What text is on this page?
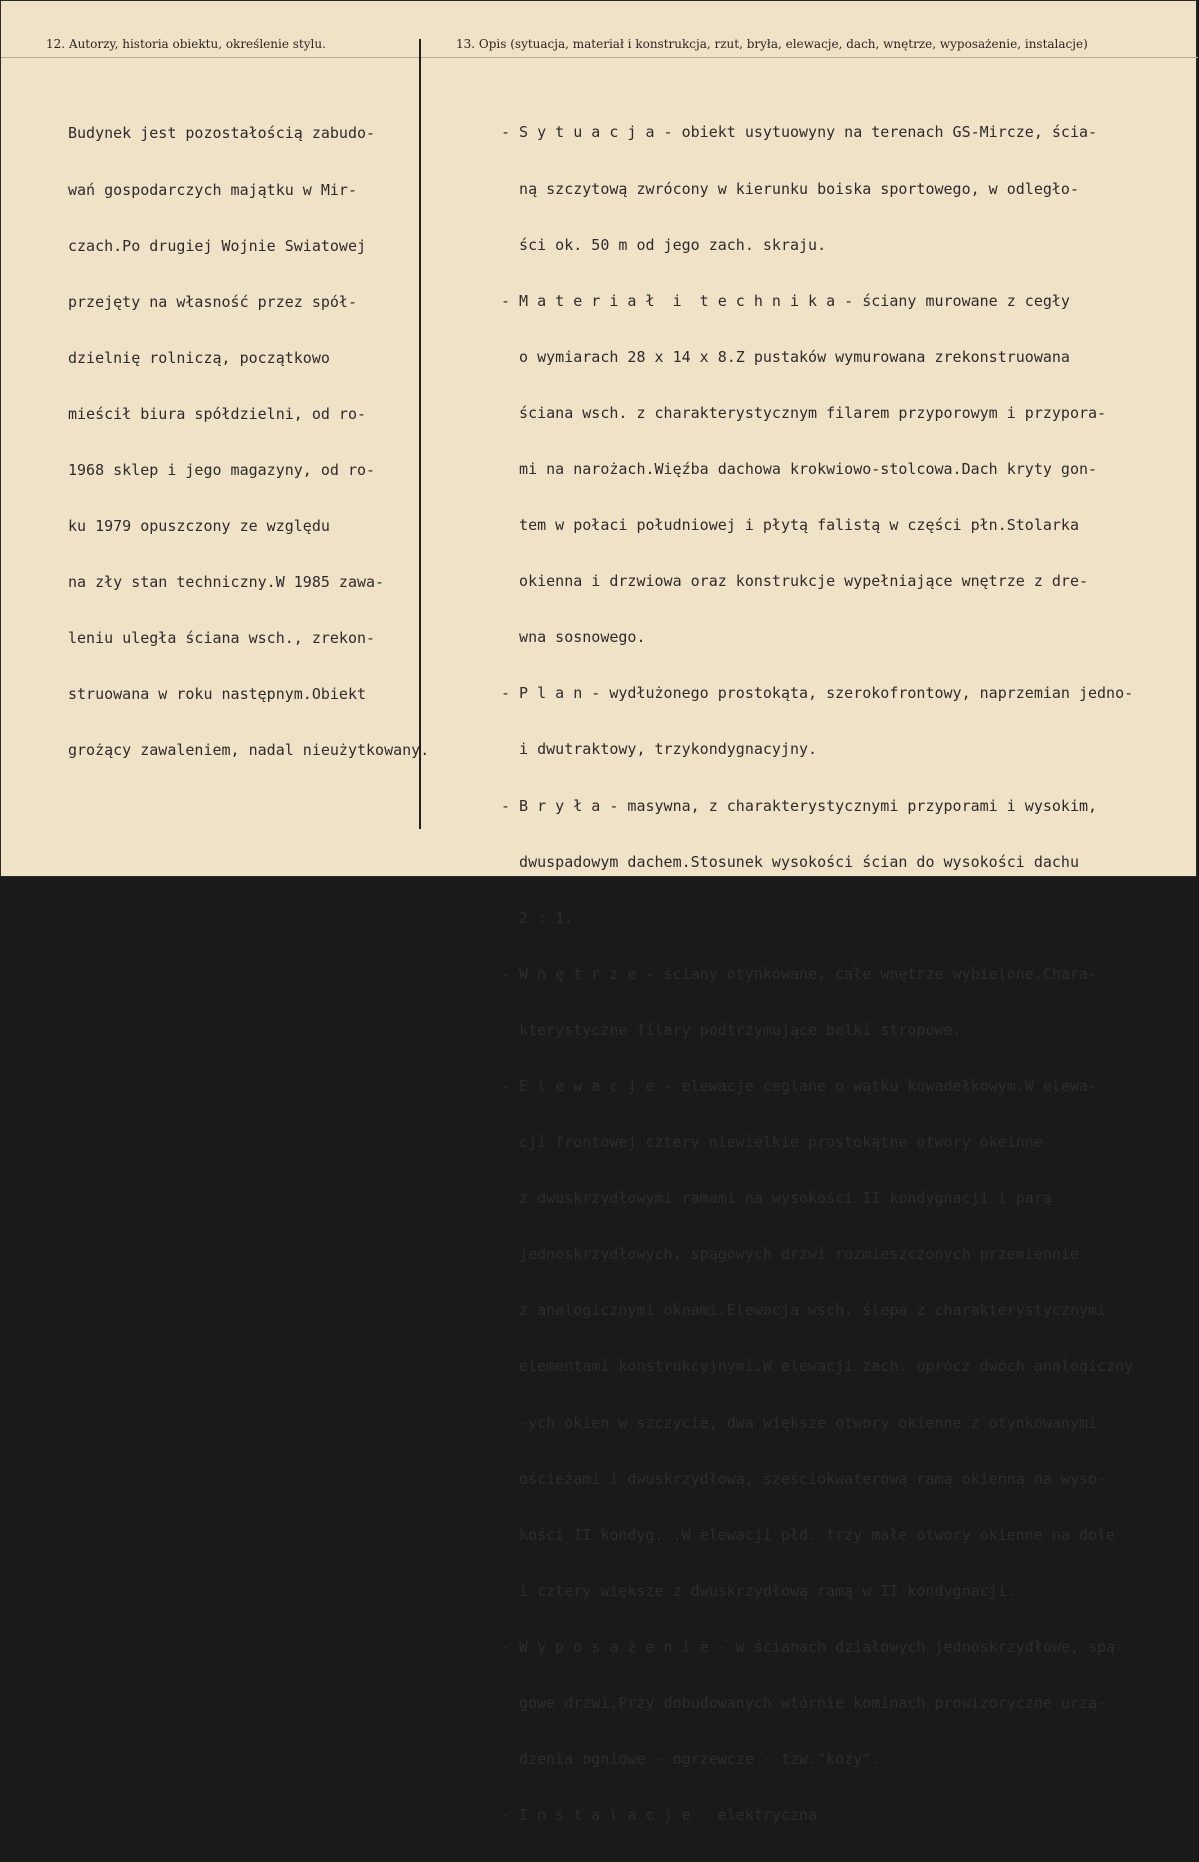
12. Autorzy, historia obiektu, określenie stylu.	13. Opis (sytuacja, materiał i konstrukcja, rzut, bryła, elewacje, dach, wnętrze, wyposażenie, instalacje)

Budynek jest pozostałością zabudo-

wań gospodarczych majątku w Mir-

czach.Po drugiej Wojnie Swiatowej

przejęty na własność przez spół-

dzielnię rolniczą, początkowo

mieścił biura spółdzielni, od ro-

1968 sklep i jego magazyny, od ro-

ku 1979 opuszczony ze względu

na zły stan techniczny.W 1985 zawa-

leniu uległa ściana wsch., zrekon-

struowana w roku następnym.Obiekt

grożący zawaleniem, nadal nieużytkowany.

- S y t u a c j a - obiekt usytuowyny na terenach GS-Mircze, ścia-

ną szczytową zwrócony w kierunku boiska sportowego, w odległo-

ści ok. 50 m od jego zach. skraju.

- M a t e r i a ł  i  t e c h n i k a - ściany murowane z cegły

o wymiarach 28 x 14 x 8.Z pustaków wymurowana zrekonstruowana

ściana wsch. z charakterystycznym filarem przyporowym i przypora-

mi na narożach.Więźba dachowa krokwiowo-stolcowa.Dach kryty gon-

tem w połaci południowej i płytą falistą w części płn.Stolarka

okienna i drzwiowa oraz konstrukcje wypełniające wnętrze z dre-

wna sosnowego.

- P l a n - wydłużonego prostokąta, szerokofrontowy, naprzemian jedno-

i dwutraktowy, trzykondygnacyjny.

- B r y ł a - masywna, z charakterystycznymi przyporami i wysokim,

dwuspadowym dachem.Stosunek wysokości ścian do wysokości dachu

2 : 1.

- W n ę t r z e - ściany otynkowane, całe wnętrze wybielone.Chara-

kterystyczne filary podtrzymujące belki stropowe.

- E l e w a c j e - elewacje ceglane o wątku kowadełkowym.W elewa-

cji frontowej cztery niewielkie prostokątne otwory okeinne

z dwuskrzydłowymi ramami na wysokości II kondygnacji i parą

jednoskrzydłowych, spągowych drzwi rozmieszczonych przemiennie

z analogicznymi oknami.Elewacja wsch. ślepa z charakterystycznymi

elementami konstrukcyjnymi.W elewacji zach. oprócz dwóch analogiczny

-ych okien w szczycie, dwa większe otwory okienne z otynkowanymi

ościeżami i dwuskrzydłową, sześciokwaterową ramą okienną na wyso-

kości II kondyg. .W elewacji płd. trzy małe otwory okienne na dole

i cztery większe z dwuskrzydłową ramą w II kondygnacji.

- W y p o s a ż e n i e - w ścianach działowych jednoskrzydłowe, spą-

gowe drzwi.Przy dobudowanych wtórnie kominach prowizoryczne urzą-

dzenia ogniowe - ogrzewcze - tzw."kozy".

- I n s t a l a c j e - elektryczna
